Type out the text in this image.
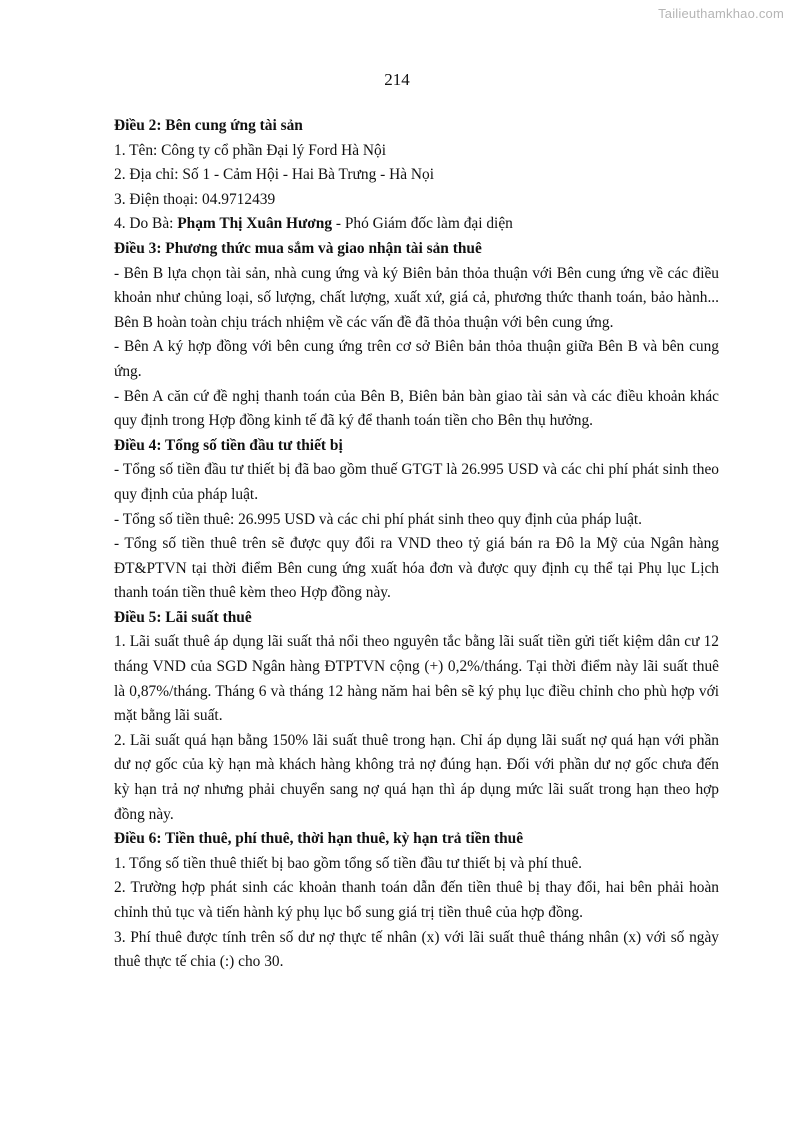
Tailieuthamkhao.com
214

Điều 2: Bên cung ứng tài sản

1. Tên: Công ty cổ phần Đại lý Ford Hà Nội

2. Địa chỉ: Số 1 - Cảm Hội - Hai Bà Trưng - Hà Nọi

3. Điện thoại: 04.9712439

4. Do Bà: Phạm Thị Xuân Hương - Phó Giám đốc làm đại diện

Điều 3: Phương thức mua sắm và giao nhận tài sản thuê

- Bên B lựa chọn tài sản, nhà cung ứng và ký Biên bản thỏa thuận với Bên cung ứng về các điều khoản như chủng loại, số lượng, chất lượng, xuất xứ, giá cả, phương thức thanh toán, bảo hành... Bên B hoàn toàn chịu trách nhiệm về các vấn đề đã thỏa thuận với bên cung ứng.

- Bên A ký hợp đồng với bên cung ứng trên cơ sở Biên bản thỏa thuận giữa Bên B và bên cung ứng.

- Bên A căn cứ đề nghị thanh toán của Bên B, Biên bản bàn giao tài sản và các điều khoản khác quy định trong Hợp đồng kinh tế đã ký để thanh toán tiền cho Bên thụ hưởng.

Điều 4: Tổng số tiền đầu tư thiết bị

- Tổng số tiền đầu tư thiết bị đã bao gồm thuế GTGT là 26.995 USD và các chi phí phát sinh theo quy định của pháp luật.

- Tổng số tiền thuê: 26.995 USD và các chi phí phát sinh theo quy định của pháp luật.

- Tổng số tiền thuê trên sẽ được quy đổi ra VND theo tỷ giá bán ra Đô la Mỹ của Ngân hàng ĐT&PTVN tại thời điểm Bên cung ứng xuất hóa đơn và được quy định cụ thể tại Phụ lục Lịch thanh toán tiền thuê kèm theo Hợp đồng này.

Điều 5: Lãi suất thuê

1. Lãi suất thuê áp dụng lãi suất thả nổi theo nguyên tắc bằng lãi suất tiền gửi tiết kiệm dân cư 12 tháng VND của SGD Ngân hàng ĐTPTVN cộng (+) 0,2%/tháng. Tại thời điểm này lãi suất thuê là 0,87%/tháng. Tháng 6 và tháng 12 hàng năm hai bên sẽ ký phụ lục điều chỉnh cho phù hợp với mặt bằng lãi suất.

2. Lãi suất quá hạn bằng 150% lãi suất thuê trong hạn. Chỉ áp dụng lãi suất nợ quá hạn với phần dư nợ gốc của kỳ hạn mà khách hàng không trả nợ đúng hạn. Đối với phần dư nợ gốc chưa đến kỳ hạn trả nợ nhưng phải chuyển sang nợ quá hạn thì áp dụng mức lãi suất trong hạn theo hợp đồng này.

Điều 6: Tiền thuê, phí thuê, thời hạn thuê, kỳ hạn trả tiền thuê

1. Tổng số tiền thuê thiết bị bao gồm tổng số tiền đầu tư thiết bị và phí thuê.

2. Trường hợp phát sinh các khoản thanh toán dẫn đến tiền thuê bị thay đổi, hai bên phải hoàn chỉnh thủ tục và tiến hành ký phụ lục bổ sung giá trị tiền thuê của hợp đồng.

3. Phí thuê được tính trên số dư nợ thực tế nhân (x) với lãi suất thuê tháng nhân (x) với số ngày thuê thực tế chia (:) cho 30.
